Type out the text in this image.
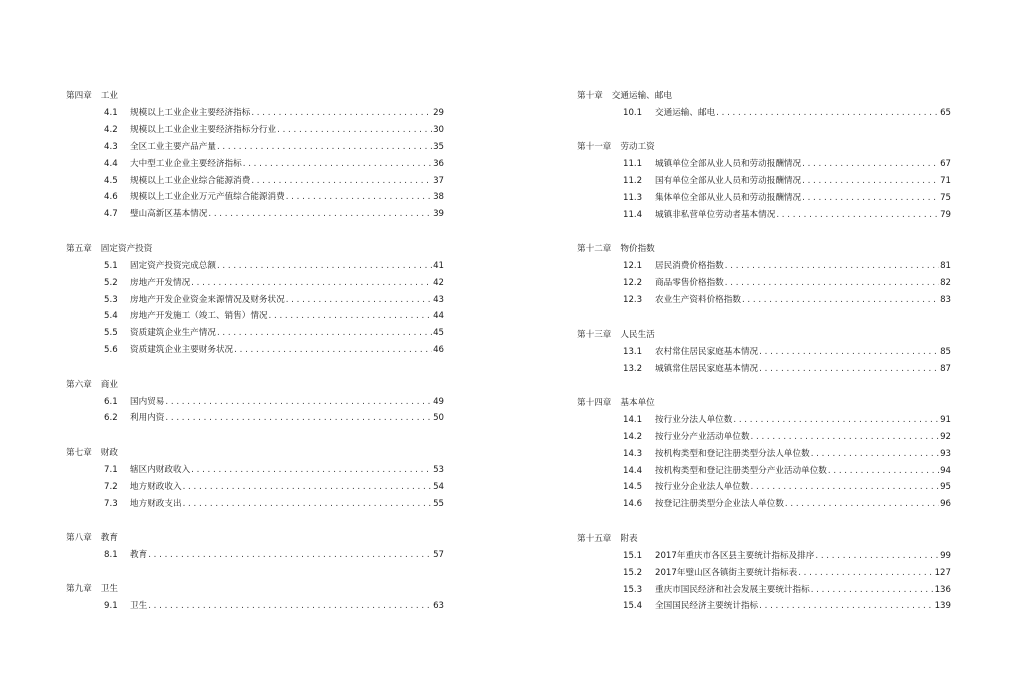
第四章 工业
4.1	规模以上工业企业主要经济指标 . . .	29
4.2	规模以上工业企业主要经济指标分行业 . . .	30
4.3	全区工业主要产品产量 . . .	35
4.4	大中型工业企业主要经济指标 . . .	36
4.5	规模以上工业企业综合能源消费 . . .	37
4.6	规模以上工业企业万元产值综合能源消费 . . .	38
4.7	璧山高新区基本情况 . . .	39
第五章 固定资产投资
5.1	固定资产投资完成总额 . . .	41
5.2	房地产开发情况 . . .	42
5.3	房地产开发企业资金来源情况及财务状况 . . .	43
5.4	房地产开发施工（竣工、销售）情况 . . .	44
5.5	资质建筑企业生产情况 . . .	45
5.6	资质建筑企业主要财务状况 . . .	46
第六章 商业
6.1	国内贸易 . . .	49
6.2	利用内资 . . .	50
第七章 财政
7.1	辖区内财政收入 . . .	53
7.2	地方财政收入 . . .	54
7.3	地方财政支出 . . .	55
第八章 教育
8.1	教育 . . .	57
第九章 卫生
9.1	卫生 . . .	63
第十章 交通运输、邮电
10.1	交通运输、邮电 . . .	65
第十一章 劳动工资
11.1	城镇单位全部从业人员和劳动报酬情况 . . .	67
11.2	国有单位全部从业人员和劳动报酬情况 . . .	71
11.3	集体单位全部从业人员和劳动报酬情况 . . .	75
11.4	城镇非私营单位劳动者基本情况 . . .	79
第十二章 物价指数
12.1	居民消费价格指数 . . .	81
12.2	商品零售价格指数 . . .	82
12.3	农业生产资料价格指数 . . .	83
第十三章 人民生活
13.1	农村常住居民家庭基本情况 . . .	85
13.2	城镇常住居民家庭基本情况 . . .	87
第十四章 基本单位
14.1	按行业分法人单位数 . . .	91
14.2	按行业分产业活动单位数 . . .	92
14.3	按机构类型和登记注册类型分法人单位数 . . .	93
14.4	按机构类型和登记注册类型分产业活动单位数 . . .	94
14.5	按行业分企业法人单位数 . . .	95
14.6	按登记注册类型分企业法人单位数 . . .	96
第十五章 附表
15.1	2017年重庆市各区县主要统计指标及排序 . . .	99
15.2	2017年璧山区各镇街主要统计指标表 . . .	127
15.3	重庆市国民经济和社会发展主要统计指标 . . .	136
15.4	全国国民经济主要统计指标 . . .	139
